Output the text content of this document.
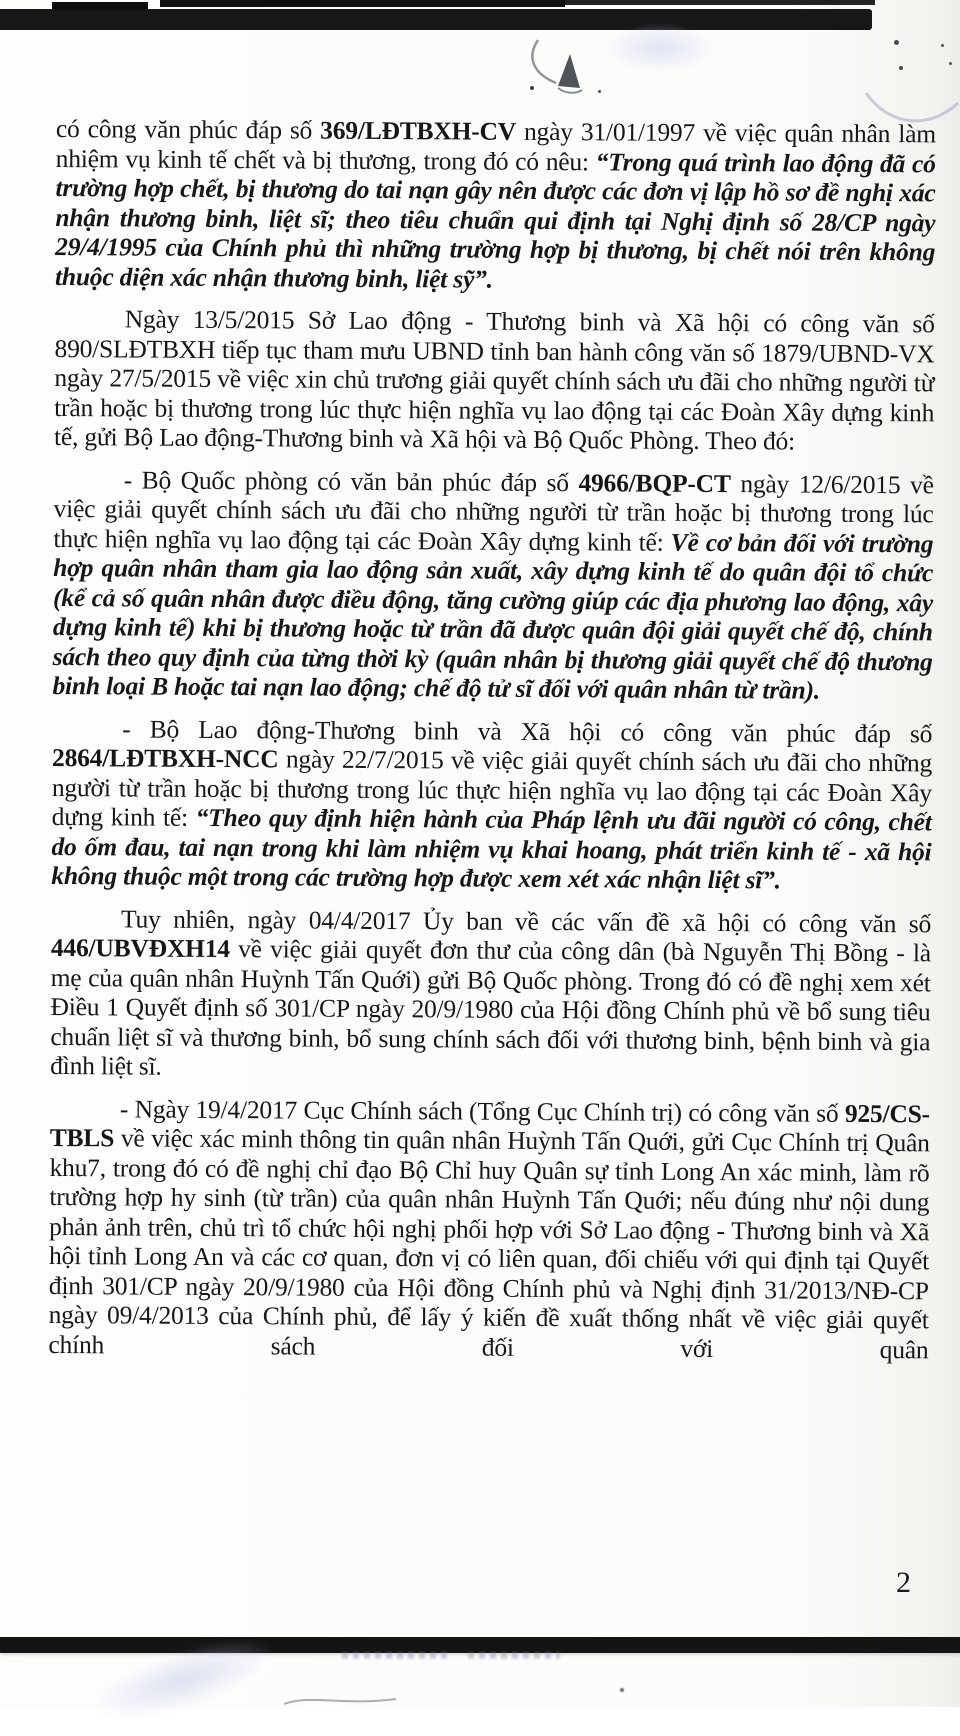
có công văn phúc đáp số 369/LĐTBXH-CV ngày 31/01/1997 về việc quân nhân làm nhiệm vụ kinh tế chết và bị thương, trong đó có nêu: “Trong quá trình lao động đã có trường hợp chết, bị thương do tai nạn gây nên được các đơn vị lập hồ sơ đề nghị xác nhận thương binh, liệt sĩ; theo tiêu chuẩn qui định tại Nghị định số 28/CP ngày 29/4/1995 của Chính phủ thì những trường hợp bị thương, bị chết nói trên không thuộc diện xác nhận thương binh, liệt sỹ”.

Ngày 13/5/2015 Sở Lao động - Thương binh và Xã hội có công văn số 890/SLĐTBXH tiếp tục tham mưu UBND tỉnh ban hành công văn số 1879/UBND-VX ngày 27/5/2015 về việc xin chủ trương giải quyết chính sách ưu đãi cho những người từ trần hoặc bị thương trong lúc thực hiện nghĩa vụ lao động tại các Đoàn Xây dựng kinh tế, gửi Bộ Lao động-Thương binh và Xã hội và Bộ Quốc Phòng. Theo đó:

- Bộ Quốc phòng có văn bản phúc đáp số 4966/BQP-CT ngày 12/6/2015 về việc giải quyết chính sách ưu đãi cho những người từ trần hoặc bị thương trong lúc thực hiện nghĩa vụ lao động tại các Đoàn Xây dựng kinh tế: Về cơ bản đối với trường hợp quân nhân tham gia lao động sản xuất, xây dựng kinh tế do quân đội tổ chức (kể cả số quân nhân được điều động, tăng cường giúp các địa phương lao động, xây dựng kinh tế) khi bị thương hoặc từ trần đã được quân đội giải quyết chế độ, chính sách theo quy định của từng thời kỳ (quân nhân bị thương giải quyết chế độ thương binh loại B hoặc tai nạn lao động; chế độ tử sĩ đối với quân nhân từ trần).

- Bộ Lao động-Thương binh và Xã hội có công văn phúc đáp số 2864/LĐTBXH-NCC ngày 22/7/2015 về việc giải quyết chính sách ưu đãi cho những người từ trần hoặc bị thương trong lúc thực hiện nghĩa vụ lao động tại các Đoàn Xây dựng kinh tế: “Theo quy định hiện hành của Pháp lệnh ưu đãi người có công, chết do ốm đau, tai nạn trong khi làm nhiệm vụ khai hoang, phát triển kinh tế - xã hội không thuộc một trong các trường hợp được xem xét xác nhận liệt sĩ”.

Tuy nhiên, ngày 04/4/2017 Ủy ban về các vấn đề xã hội có công văn số 446/UBVĐXH14 về việc giải quyết đơn thư của công dân (bà Nguyễn Thị Bồng - là mẹ của quân nhân Huỳnh Tấn Quới) gửi Bộ Quốc phòng. Trong đó có đề nghị xem xét Điều 1 Quyết định số 301/CP ngày 20/9/1980 của Hội đồng Chính phủ về bổ sung tiêu chuẩn liệt sĩ và thương binh, bổ sung chính sách đối với thương binh, bệnh binh và gia đình liệt sĩ.

- Ngày 19/4/2017 Cục Chính sách (Tổng Cục Chính trị) có công văn số 925/CS-TBLS về việc xác minh thông tin quân nhân Huỳnh Tấn Quới, gửi Cục Chính trị Quân khu7, trong đó có đề nghị chỉ đạo Bộ Chỉ huy Quân sự tỉnh Long An xác minh, làm rõ trường hợp hy sinh (từ trần) của quân nhân Huỳnh Tấn Quới; nếu đúng như nội dung phản ảnh trên, chủ trì tổ chức hội nghị phối hợp với Sở Lao động - Thương binh và Xã hội tỉnh Long An và các cơ quan, đơn vị có liên quan, đối chiếu với qui định tại Quyết định 301/CP ngày 20/9/1980 của Hội đồng Chính phủ và Nghị định 31/2013/NĐ-CP ngày 09/4/2013 của Chính phủ, để lấy ý kiến đề xuất thống nhất về việc giải quyết chính sách đối với quân

2
